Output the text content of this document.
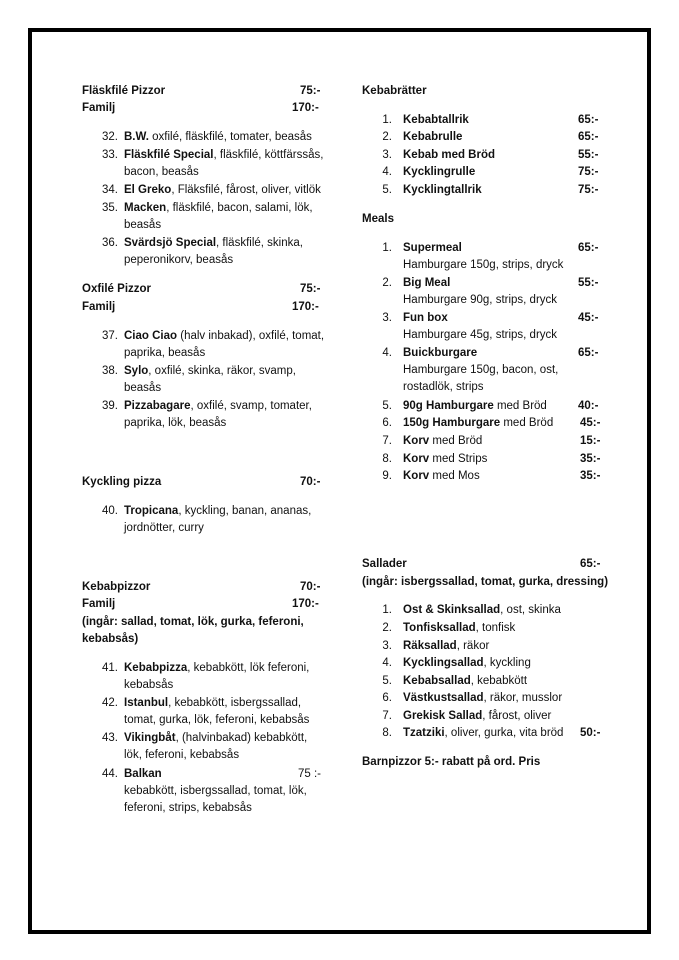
Fläskfilé Pizzor	75:-
Familj	170:-
32. B.W. oxfilé, fläskfilé, tomater, beasås
33. Fläskfilé Special, fläskfilé, köttfärssås,
bacon, beasås
34. El Greko, Fläksfilé, fårost, oliver, vitlök
35. Macken, fläskfilé, bacon, salami, lök,
beasås
36. Svärdsjö Special, fläskfilé, skinka,
peperonikorv, beasås
Oxfilé Pizzor	75:-
Familj	170:-
37. Ciao Ciao (halv inbakad), oxfilé, tomat,
paprika, beasås
38. Sylo, oxfilé, skinka, räkor, svamp,
beasås
39. Pizzabagare, oxfilé, svamp, tomater,
paprika, lök, beasås
Kyckling pizza	70:-
40. Tropicana, kyckling, banan, ananas,
jordnötter, curry
Kebabpizzor	70:-
Familj	170:-
(ingår: sallad, tomat, lök, gurka, feferoni,
kebabsås)
41. Kebabpizza, kebabkött, lök feferoni,
kebabsås
42. Istanbul, kebabkött, isbergssallad,
tomat, gurka, lök, feferoni, kebabsås
43. Vikingbåt, (halvinbakad) kebabkött,
lök, feferoni, kebabsås
44. Balkan	75 :-
kebabkött, isbergssallad, tomat, lök,
feferoni, strips, kebabsås
Kebabrätter
1. Kebabtallrik	65:-
2. Kebabrulle	65:-
3. Kebab med Bröd	55:-
4. Kycklingrulle	75:-
5. Kycklingtallrik	75:-
Meals
1. Supermeal	65:-
Hamburgare 150g, strips, dryck
2. Big Meal	55:-
Hamburgare 90g, strips, dryck
3. Fun box	45:-
Hamburgare 45g, strips, dryck
4. Buickburgare	65:-
Hamburgare 150g, bacon, ost,
rostadlök, strips
5. 90g Hamburgare med Bröd	40:-
6. 150g Hamburgare med Bröd 45:-
7. Korv med Bröd	15:-
8. Korv med Strips	35:-
9. Korv med Mos	35:-
Sallader	65:-
(ingår: isbergssallad, tomat, gurka, dressing)
1. Ost & Skinksallad, ost, skinka
2. Tonfisksallad, tonfisk
3. Räksallad, räkor
4. Kycklingsallad, kyckling
5. Kebabsallad, kebabkött
6. Västkustsallad, räkor, musslor
7. Grekisk Sallad, fårost, oliver
8. Tzatziki, oliver, gurka, vita bröd 50:-
Barnpizzor 5:- rabatt på ord. Pris
